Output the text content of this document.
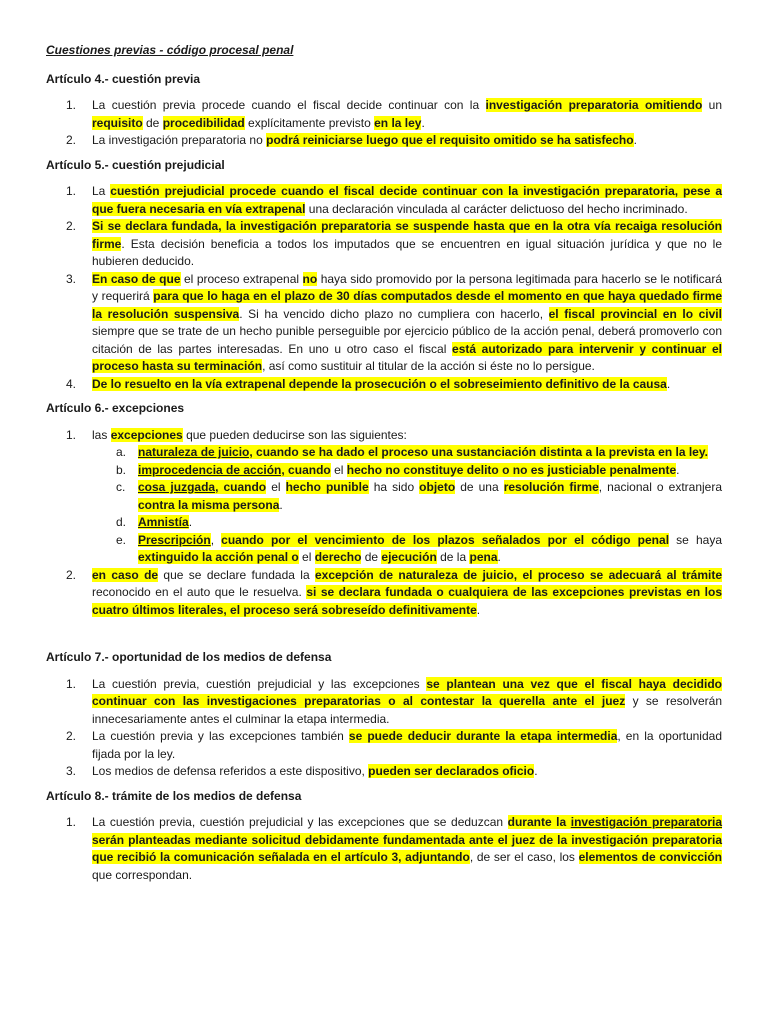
Cuestiones previas - código procesal penal
Artículo 4.- cuestión previa
1. La cuestión previa procede cuando el fiscal decide continuar con la investigación preparatoria omitiendo un requisito de procedibilidad explícitamente previsto en la ley.
2. La investigación preparatoria no podrá reiniciarse luego que el requisito omitido se ha satisfecho.
Artículo 5.- cuestión prejudicial
1. La cuestión prejudicial procede cuando el fiscal decide continuar con la investigación preparatoria, pese a que fuera necesaria en vía extrapenal una declaración vinculada al carácter delictuoso del hecho incriminado.
2. Si se declara fundada, la investigación preparatoria se suspende hasta que en la otra vía recaiga resolución firme. Esta decisión beneficia a todos los imputados que se encuentren en igual situación jurídica y que no le hubieren deducido.
3. En caso de que el proceso extrapenal no haya sido promovido por la persona legitimada para hacerlo se le notificará y requerirá para que lo haga en el plazo de 30 días computados desde el momento en que haya quedado firme la resolución suspensiva. Si ha vencido dicho plazo no cumpliera con hacerlo, el fiscal provincial en lo civil siempre que se trate de un hecho punible perseguible por ejercicio público de la acción penal, deberá promoverlo con citación de las partes interesadas. En uno u otro caso el fiscal está autorizado para intervenir y continuar el proceso hasta su terminación, así como sustituir al titular de la acción si éste no lo persigue.
4. De lo resuelto en la vía extrapenal depende la prosecución o el sobreseimiento definitivo de la causa.
Artículo 6.- excepciones
1. las excepciones que pueden deducirse son las siguientes:
a. naturaleza de juicio, cuando se ha dado el proceso una sustanciación distinta a la prevista en la ley.
b. improcedencia de acción, cuando el hecho no constituye delito o no es justiciable penalmente.
c. cosa juzgada, cuando el hecho punible ha sido objeto de una resolución firme, nacional o extranjera contra la misma persona.
d. Amnistía.
e. Prescripción, cuando por el vencimiento de los plazos señalados por el código penal se haya extinguido la acción penal o el derecho de ejecución de la pena.
2. en caso de que se declare fundada la excepción de naturaleza de juicio, el proceso se adecuará al trámite reconocido en el auto que le resuelva. si se declara fundada o cualquiera de las excepciones previstas en los cuatro últimos literales, el proceso será sobreseído definitivamente.
Artículo 7.- oportunidad de los medios de defensa
1. La cuestión previa, cuestión prejudicial y las excepciones se plantean una vez que el fiscal haya decidido continuar con las investigaciones preparatorias o al contestar la querella ante el juez y se resolverán innecesariamente antes el culminar la etapa intermedia.
2. La cuestión previa y las excepciones también se puede deducir durante la etapa intermedia, en la oportunidad fijada por la ley.
3. Los medios de defensa referidos a este dispositivo, pueden ser declarados oficio.
Artículo 8.- trámite de los medios de defensa
1. La cuestión previa, cuestión prejudicial y las excepciones que se deduzcan durante la investigación preparatoria serán planteadas mediante solicitud debidamente fundamentada ante el juez de la investigación preparatoria que recibió la comunicación señalada en el artículo 3, adjuntando, de ser el caso, los elementos de convicción que correspondan.
